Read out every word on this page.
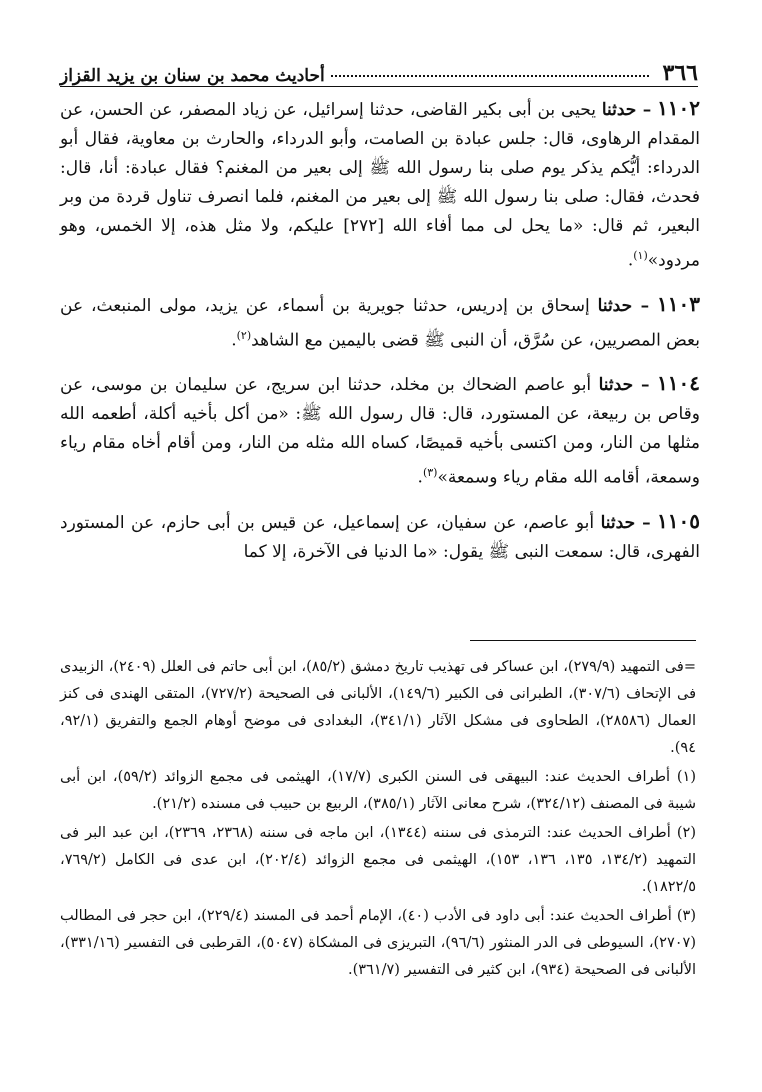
٣٦٦
أحاديث محمد بن سنان بن يزيد القزاز

١١٠٢ – حدثنا يحيى بن أبى بكير القاضى، حدثنا إسرائيل، عن زياد المصفر، عن الحسن، عن المقدام الرهاوى، قال: جلس عبادة بن الصامت، وأبو الدرداء، والحارث بن معاوية، فقال أبو الدرداء: أيُّكم يذكر يوم صلى بنا رسول الله ﷺ إلى بعير من المغنم؟ فقال عبادة: أنا، قال: فحدث، فقال: صلى بنا رسول الله ﷺ إلى بعير من المغنم، فلما انصرف تناول قردة من وبر البعير، ثم قال: «ما يحل لى مما أفاء الله [٢٧٢] عليكم، ولا مثل هذه، إلا الخمس، وهو مردود»$^{(١)}$.

١١٠٣ – حدثنا إسحاق بن إدريس، حدثنا جويرية بن أسماء، عن يزيد، مولى المنبعث، عن بعض المصريين، عن سُرَّق، أن النبى ﷺ قضى باليمين مع الشاهد$^{(٢)}$.

١١٠٤ – حدثنا أبو عاصم الضحاك بن مخلد، حدثنا ابن سريج، عن سليمان بن موسى، عن وقاص بن ربيعة، عن المستورد، قال: قال رسول الله ﷺ: «من أكل بأخيه أكلة، أطعمه الله مثلها من النار، ومن اكتسى بأخيه قميصًا، كساه الله مثله من النار، ومن أقام أخاه مقام رياء وسمعة، أقامه الله مقام رياء وسمعة»$^{(٣)}$.

١١٠٥ – حدثنا أبو عاصم، عن سفيان، عن إسماعيل، عن قيس بن أبى حازم، عن المستورد الفهرى، قال: سمعت النبى ﷺ يقول: «ما الدنيا فى الآخرة، إلا كما

=فى التمهيد (٢٧٩/٩)، ابن عساكر فى تهذيب تاريخ دمشق (٨٥/٢)، ابن أبى حاتم فى العلل (٢٤٠٩)، الزبيدى فى الإتحاف (٣٠٧/٦)، الطبرانى فى الكبير (١٤٩/٦)، الألبانى فى الصحيحة (٧٢٧/٢)، المتقى الهندى فى كنز العمال (٢٨٥٨٦)، الطحاوى فى مشكل الآثار (٣٤١/١)، البغدادى فى موضح أوهام الجمع والتفريق (٩٢/١، ٩٤).

(١) أطراف الحديث عند: البيهقى فى السنن الكبرى (١٧/٧)، الهيثمى فى مجمع الزوائد (٥٩/٢)، ابن أبى شيبة فى المصنف (٣٢٤/١٢)، شرح معانى الآثار (٣٨٥/١)، الربيع بن حبيب فى مسنده (٢١/٢).

(٢) أطراف الحديث عند: الترمذى فى سننه (١٣٤٤)، ابن ماجه فى سننه (٢٣٦٨، ٢٣٦٩)، ابن عبد البر فى التمهيد (١٣٤/٢، ١٣٥، ١٣٦، ١٥٣)، الهيثمى فى مجمع الزوائد (٢٠٢/٤)، ابن عدى فى الكامل (٧٦٩/٢، ١٨٢٢/٥).

(٣) أطراف الحديث عند: أبى داود فى الأدب (٤٠)، الإمام أحمد فى المسند (٢٢٩/٤)، ابن حجر فى المطالب (٢٧٠٧)، السيوطى فى الدر المنثور (٩٦/٦)، التبريزى فى المشكاة (٥٠٤٧)، القرطبى فى التفسير (٣٣١/١٦)، الألبانى فى الصحيحة (٩٣٤)، ابن كثير فى التفسير (٣٦١/٧).
